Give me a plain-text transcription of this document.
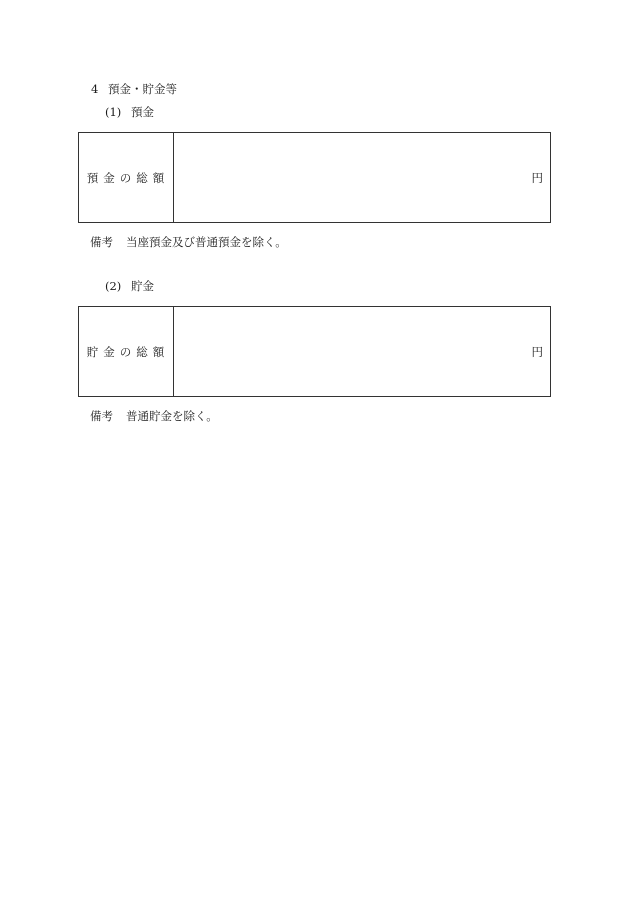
4 預金・貯金等
(1) 預金
預金の総額	円
備考 当座預金及び普通預金を除く。
(2) 貯金
貯金の総額	円
備考 普通貯金を除く。
